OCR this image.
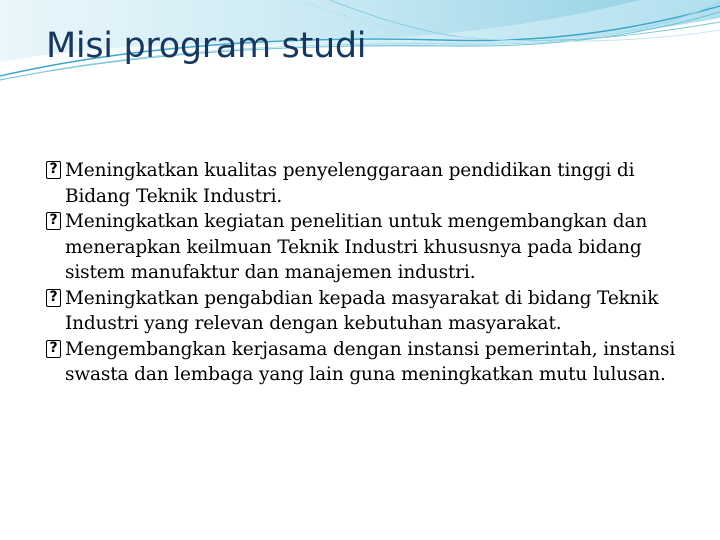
Misi program studi
?
Meningkatkan kualitas penyelenggaraan pendidikan tinggi di Bidang Teknik Industri.
?
Meningkatkan kegiatan penelitian untuk mengembangkan dan menerapkan keilmuan Teknik Industri khususnya pada bidang sistem manufaktur dan manajemen industri.
?
Meningkatkan pengabdian kepada masyarakat di bidang Teknik Industri yang relevan dengan kebutuhan masyarakat.
?
Mengembangkan kerjasama dengan instansi pemerintah, instansi swasta dan lembaga yang lain guna meningkatkan mutu lulusan.
